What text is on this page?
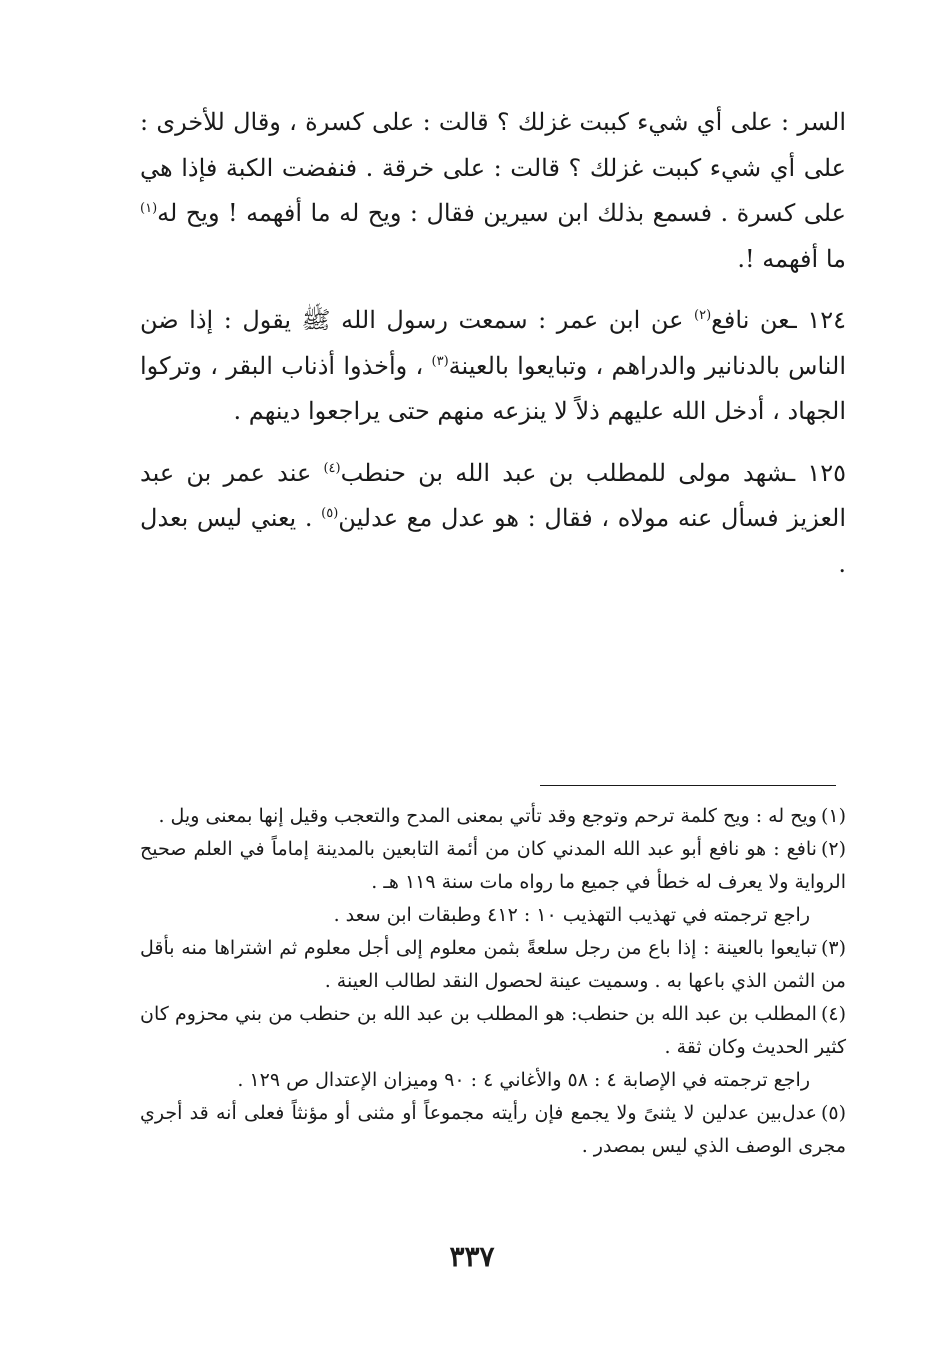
السر : على أي شيء كببت غزلك ؟ قالت : على كسرة ، وقال للأخرى : على أي شيء كببت غزلك ؟ قالت : على خرقة . فنفضت الكبة فإذا هي على كسرة . فسمع بذلك ابن سيرين فقال : ويح له ما أفهمه ! ويح له$^{(١)}$ ما أفهمه !.

١٢٤ ـعن نافع$^{(٢)}$ عن ابن عمر : سمعت رسول الله ﷺ يقول : إذا ضن الناس بالدنانير والدراهم ، وتبايعوا بالعينة$^{(٣)}$ ، وأخذوا أذناب البقر ، وتركوا الجهاد ، أدخل الله عليهم ذلاً لا ينزعه منهم حتى يراجعوا دينهم .

١٢٥ ـشهد مولى للمطلب بن عبد الله بن حنطب$^{(٤)}$ عند عمر بن عبد العزيز فسأل عنه مولاه ، فقال : هو عدل مع عدلين$^{(٥)}$ . يعني ليس بعدل .

(١)ويح له : ويح كلمة ترحم وتوجع وقد تأتي بمعنى المدح والتعجب وقيل إنها بمعنى ويل .

(٢)نافع : هو نافع أبو عبد الله المدني كان من أئمة التابعين بالمدينة إماماً في العلم صحيح الرواية ولا يعرف له خطأ في جميع ما رواه مات سنة ١١٩ هـ .

راجع ترجمته في تهذيب التهذيب ١٠ : ٤١٢ وطبقات ابن سعد .

(٣)تبايعوا بالعينة : إذا باع من رجل سلعةً بثمن معلوم إلى أجل معلوم ثم اشتراها منه بأقل من الثمن الذي باعها به . وسميت عينة لحصول النقد لطالب العينة .

(٤)المطلب بن عبد الله بن حنطب: هو المطلب بن عبد الله بن حنطب من بني محزوم كان كثير الحديث وكان ثقة .

راجع ترجمته في الإصابة ٤ : ٥٨ والأغاني ٤ : ٩٠ وميزان الإعتدال ص ١٢٩ .

(٥)عدل‌بين عدلين لا يثنىً ولا يجمع فإن رأيته مجموعاً أو مثنى أو مؤنثاً فعلى أنه قد أجري مجرى الوصف الذي ليس بمصدر .

٣٣٧
